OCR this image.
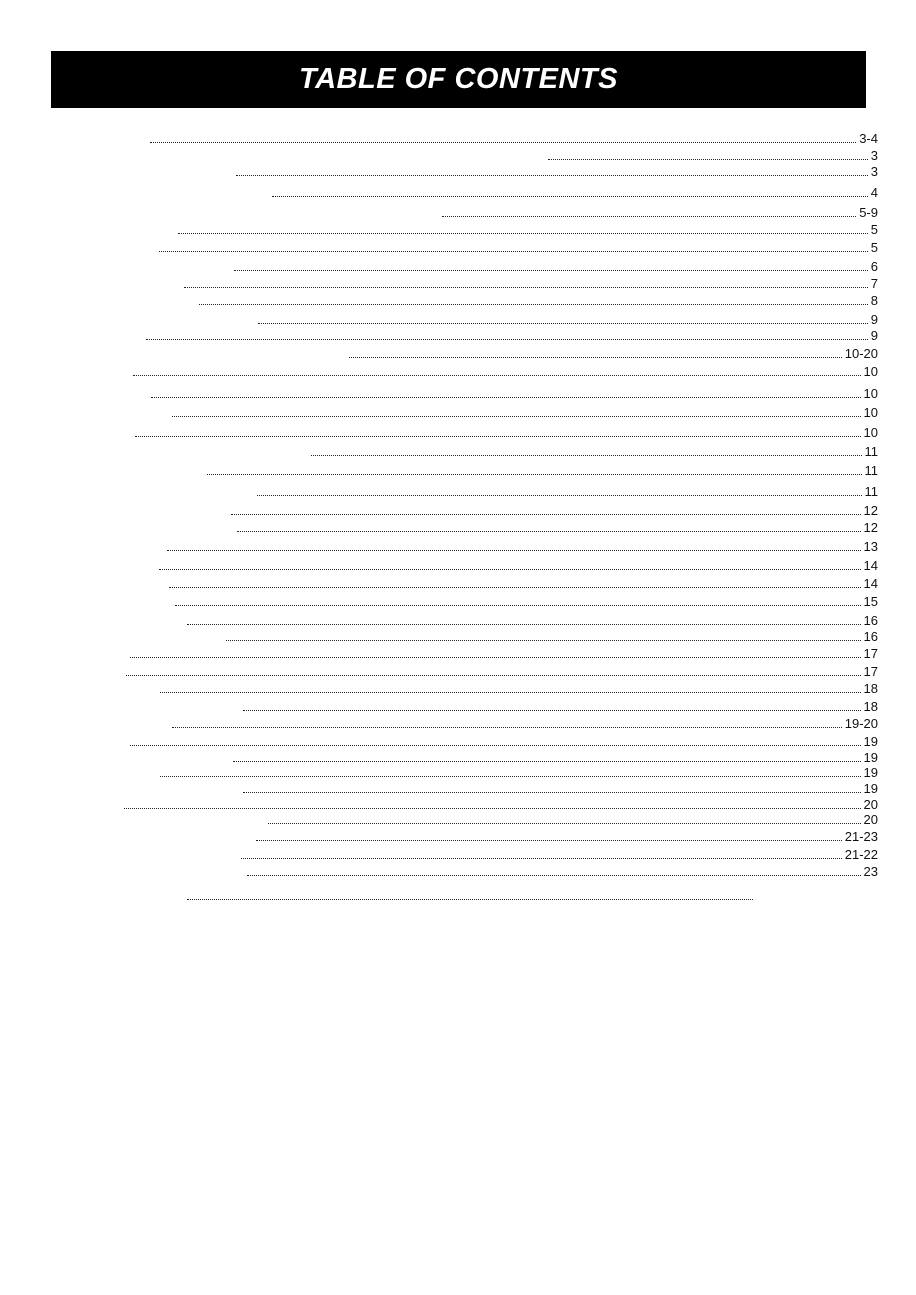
TABLE OF CONTENTS
3-4
3
3
4
5-9
5
5
6
7
8
9
9
10-20
10
10
10
10
11
11
11
12
12
13
14
14
15
16
16
17
17
18
18
19-20
19
19
19
19
20
20
21-23
21-22
23
